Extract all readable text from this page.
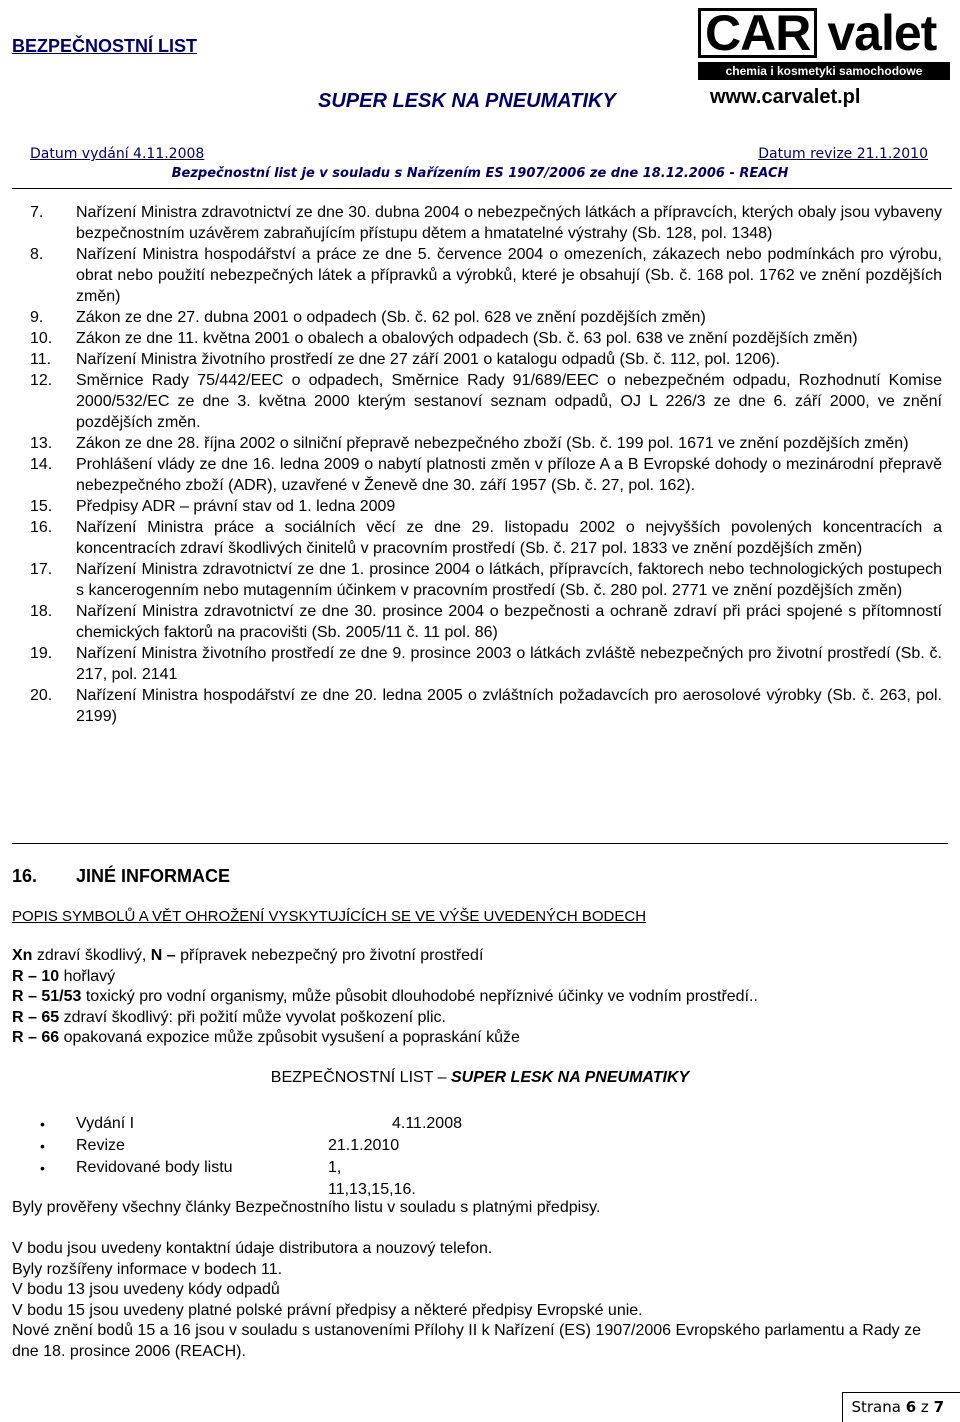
BEZPEČNOSTNÍ LIST
SUPER LESK NA PNEUMATIKY
CAR valet
chemia i kosmetyki samochodowe
www.carvalet.pl
Datum vydání 4.11.2008	Datum revize 21.1.2010
Bezpečnostní list je v souladu s Nařízením ES 1907/2006 ze dne 18.12.2006 - REACH
7.	Nařízení Ministra zdravotnictví ze dne 30. dubna 2004 o nebezpečných látkách a přípravcích, kterých obaly jsou vybaveny bezpečnostním uzávěrem zabraňujícím přístupu dětem a hmatatelné výstrahy (Sb. 128, pol. 1348)
8.	Nařízení Ministra hospodářství a práce ze dne 5. července 2004 o omezeních, zákazech nebo podmínkách pro výrobu, obrat nebo použití nebezpečných látek a přípravků a výrobků, které je obsahují (Sb. č. 168 pol. 1762 ve znění pozdějších změn)
9.	Zákon ze dne 27. dubna 2001 o odpadech (Sb. č. 62 pol. 628 ve znění pozdějších změn)
10.	Zákon ze dne 11. května 2001 o obalech a obalových odpadech (Sb. č. 63 pol. 638 ve znění pozdějších změn)
11.	Nařízení Ministra životního prostředí ze dne 27 září 2001 o katalogu odpadů (Sb. č. 112, pol. 1206).
12.	Směrnice Rady 75/442/EEC o odpadech, Směrnice Rady 91/689/EEC o nebezpečném odpadu, Rozhodnutí Komise 2000/532/EC ze dne 3. května 2000 kterým sestanoví seznam odpadů, OJ L 226/3 ze dne 6. září 2000, ve znění pozdějších změn.
13.	Zákon ze dne 28. října 2002 o silniční přepravě nebezpečného zboží (Sb. č. 199 pol. 1671 ve znění pozdějších změn)
14.	Prohlášení vlády ze dne 16. ledna 2009 o nabytí platnosti změn v příloze A a B Evropské dohody o mezinárodní přepravě nebezpečného zboží (ADR), uzavřené v Ženevě dne 30. září 1957 (Sb. č. 27, pol. 162).
15.	Předpisy ADR – právní stav od 1. ledna 2009
16.	Nařízení Ministra práce a sociálních věcí ze dne 29. listopadu 2002 o nejvyšších povolených koncentracích a koncentracích zdraví škodlivých činitelů v pracovním prostředí (Sb. č. 217 pol. 1833 ve znění pozdějších změn)
17.	Nařízení Ministra zdravotnictví ze dne 1. prosince 2004 o látkách, přípravcích, faktorech nebo technologických postupech s kancerogenním nebo mutagenním účinkem v pracovním prostředí (Sb. č. 280 pol. 2771 ve znění pozdějších změn)
18.	Nařízení Ministra zdravotnictví ze dne 30. prosince 2004 o bezpečnosti a ochraně zdraví při práci spojené s přítomností chemických faktorů na pracovišti (Sb. 2005/11 č. 11 pol. 86)
19.	Nařízení Ministra životního prostředí ze dne 9. prosince 2003 o látkách zvláště nebezpečných pro životní prostředí (Sb. č. 217, pol. 2141
20.	Nařízení Ministra hospodářství ze dne 20. ledna 2005 o zvláštních požadavcích pro aerosolové výrobky (Sb. č. 263, pol. 2199)
16. JINÉ INFORMACE
POPIS SYMBOLŮ A VĚT OHROŽENÍ VYSKYTUJÍCÍCH SE VE VÝŠE UVEDENÝCH BODECH
Xn zdraví škodlivý, N – přípravek nebezpečný pro životní prostředí
R – 10 hořlavý
R – 51/53 toxický pro vodní organismy, může působit dlouhodobé nepříznivé účinky ve vodním prostředí..
R – 65 zdraví škodlivý: při požití může vyvolat poškození plic.
R – 66 opakovaná expozice může způsobit vysušení a popraskání kůže
BEZPEČNOSTNÍ LIST – SUPER LESK NA PNEUMATIKY
• Vydání I	4.11.2008
• Revize	21.1.2010
• Revidované body listu	1, 11,13,15,16.
Byly prověřeny všechny články Bezpečnostního listu v souladu s platnými předpisy.
V bodu jsou uvedeny kontaktní údaje distributora a nouzový telefon.
Byly rozšířeny informace v bodech 11.
V bodu 13 jsou uvedeny kódy odpadů
V bodu 15 jsou uvedeny platné polské právní předpisy a některé předpisy Evropské unie.
Nové znění bodů 15 a 16 jsou v souladu s ustanoveními Přílohy II k Nařízení (ES) 1907/2006 Evropského parlamentu a Rady ze dne 18. prosince 2006 (REACH).
Strana 6 z 7
